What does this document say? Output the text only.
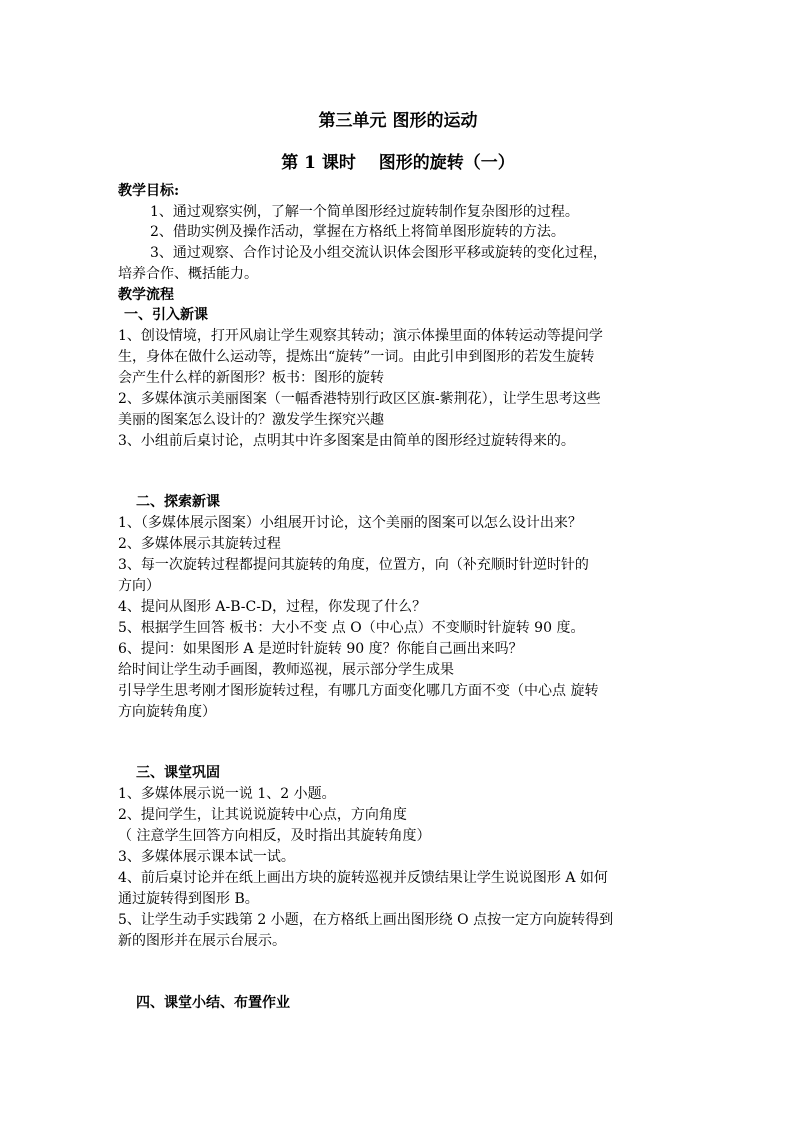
第三单元 图形的运动
第 1 课时　 图形的旋转（一）
教学目标:
1、通过观察实例，了解一个简单图形经过旋转制作复杂图形的过程。
2、借助实例及操作活动，掌握在方格纸上将简单图形旋转的方法。
3、通过观察、合作讨论及小组交流认识体会图形平移或旋转的变化过程，
培养合作、概括能力。
教学流程
一、引入新课
1、创设情境，打开风扇让学生观察其转动；演示体操里面的体转运动等提问学
生，身体在做什么运动等，提炼出“旋转”一词。由此引申到图形的若发生旋转
会产生什么样的新图形？板书：图形的旋转
2、多媒体演示美丽图案（一幅香港特别行政区区旗-紫荆花），让学生思考这些
美丽的图案怎么设计的？激发学生探究兴趣
3、小组前后桌讨论，点明其中许多图案是由简单的图形经过旋转得来的。
二、探索新课
1、（多媒体展示图案）小组展开讨论，这个美丽的图案可以怎么设计出来？
2、多媒体展示其旋转过程
3、每一次旋转过程都提问其旋转的角度，位置方，向（补充顺时针逆时针的
方向）
4、提问从图形 A-B-C-D，过程，你发现了什么？
5、根据学生回答 板书：大小不变 点 O（中心点）不变顺时针旋转 90 度。
6、提问：如果图形 A 是逆时针旋转 90 度？你能自己画出来吗？
给时间让学生动手画图，教师巡视，展示部分学生成果
引导学生思考刚才图形旋转过程，有哪几方面变化哪几方面不变（中心点 旋转
方向旋转角度）
三、课堂巩固
1、多媒体展示说一说 1、2 小题。
2、提问学生，让其说说旋转中心点，方向角度
（ 注意学生回答方向相反，及时指出其旋转角度）
3、多媒体展示课本试一试。
4、前后桌讨论并在纸上画出方块的旋转巡视并反馈结果让学生说说图形 A 如何
通过旋转得到图形 B。
5、让学生动手实践第 2 小题，在方格纸上画出图形绕 O 点按一定方向旋转得到
新的图形并在展示台展示。
四、课堂小结、布置作业
